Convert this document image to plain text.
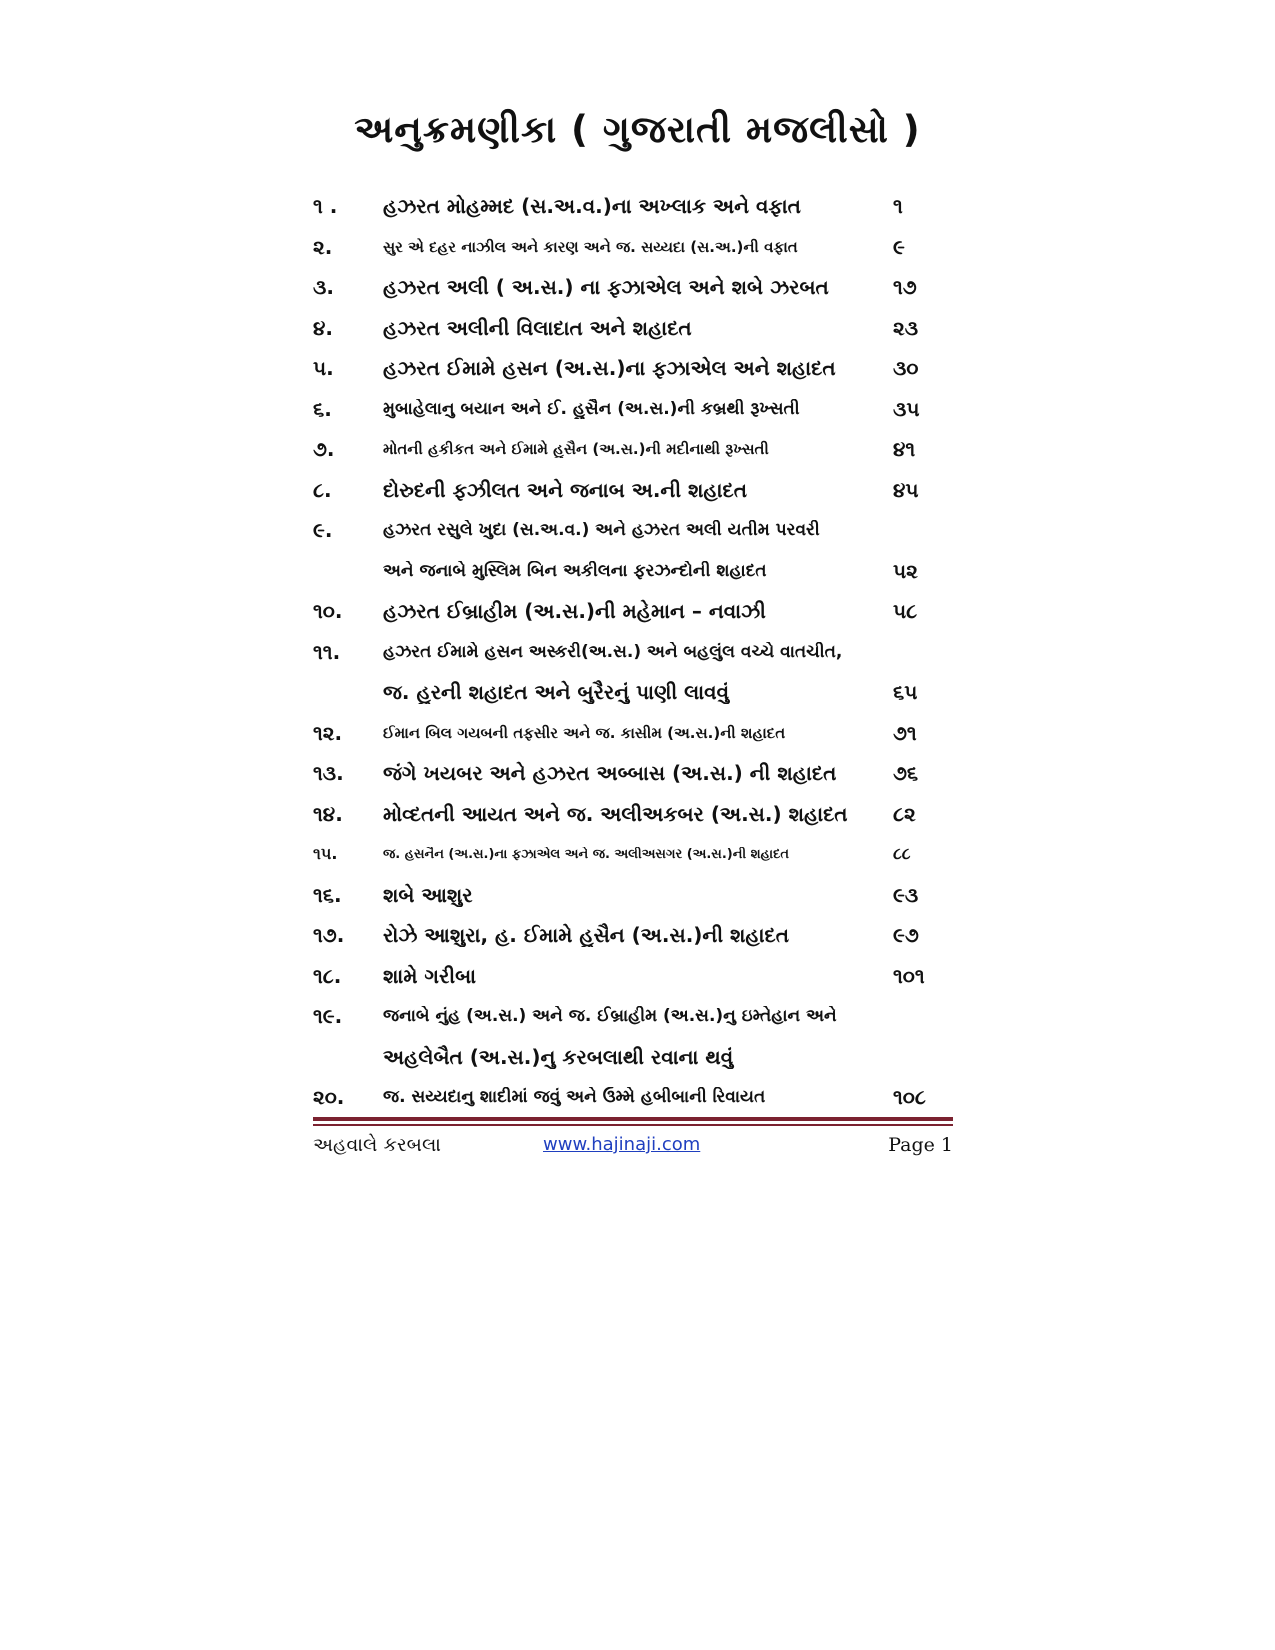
અનુક્રમણીકા ( ગુજરાતી મજલીસો )
૧ .	હઝરત મોહમ્મદ (સ.અ.વ.)ના અખ્લાક અને વફાત	૧
૨.	સુર એ દહર નાઝીલ અને કારણ અને જ. સય્યદા (સ.અ.)ની વફાત	૯
૩.	હઝરત અલી ( અ.સ.) ના ફઝાએલ અને શબે ઝરબત	૧૭
૪.	હઝરત અલીની વિલાદાત અને શહાદત	૨૩
૫.	હઝરત ઈમામે હસન (અ.સ.)ના ફઝાએલ અને શહાદત	૩૦
૬.	મુબાહેલાનુ બયાન અને ઈ. હુસૈન (અ.સ.)ની કબ્રથી રૂખ્સતી	૩૫
૭.	મોતની હકીકત અને ઈમામે હુસૈન (અ.સ.)ની મદીનાથી રૂખ્સતી	૪૧
૮.	દોરુદની ફઝીલત અને જનાબ અ.ની શહાદત	૪૫
૯.	હઝરત રસુલે ખુદા (સ.અ.વ.) અને હઝરત અલી યતીમ પરવરી
અને જનાબે મુસ્લિમ બિન અકીલના ફરઝન્દોની શહાદત	૫૨
૧૦.	હઝરત ઈબ્રાહીમ (અ.સ.)ની મહેમાન – નવાઝી	૫૮
૧૧.	હઝરત ઈમામે હસન અસ્કરી(અ.સ.) અને બહલુંલ વચ્ચે વાતચીત,
જ. હુરની શહાદત અને બુરૈરનું પાણી લાવવું	૬૫
૧૨.	ઈમાન બિલ ગયબની તફસીર અને જ. કાસીમ (અ.સ.)ની શહાદત	૭૧
૧૩.	જંગે ખયબર અને હઝરત અબ્બાસ (અ.સ.) ની શહાદત	૭૬
૧૪.	મોવ્દતની આયત અને જ. અલીઅકબર (અ.સ.) શહાદત	૮૨
૧૫.	જ. હસનૈન (અ.સ.)ના ફઝાએલ અને જ. અલીઅસગર (અ.સ.)ની શહાદત	૮૮
૧૬.	શબે આશુર	૯૩
૧૭.	રોઝે આશુરા, હ. ઈમામે હુસૈન (અ.સ.)ની શહાદત	૯૭
૧૮.	શામે ગરીબા	૧૦૧
૧૯.	જનાબે નુંહ (અ.સ.) અને જ. ઈબ્રાહીમ (અ.સ.)નુ ઇમ્તેહાન અને
અહલેબૈત (અ.સ.)નુ કરબલાથી રવાના થવું
૨૦.	જ. સય્યદાનુ શાદીમાં જવું અને ઉમ્મે હબીબાની રિવાયત	૧૦૮
અહવાલે કરબલા	www.hajinaji.com	Page 1
